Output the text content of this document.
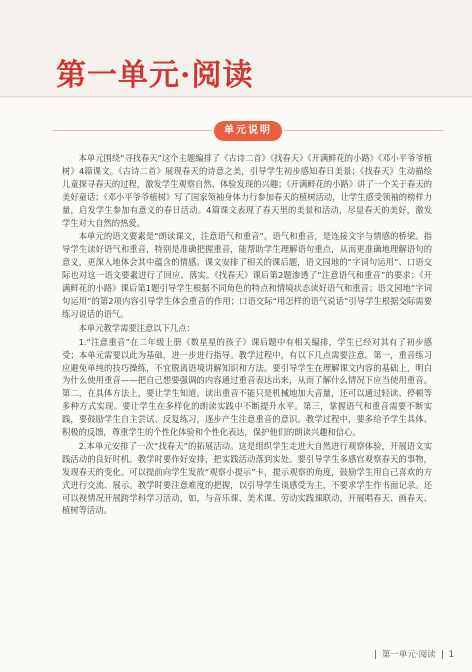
第一单元·阅读
单元说明

本单元围绕“寻找春天”这个主题编排了《古诗二首》《找春天》《开满鲜花的小路》《邓小平爷爷植树》4篇课文。《古诗二首》展现春天的诗意之美，引导学生初步感知春日美景；《找春天》生动描绘儿童探寻春天的过程，激发学生观察自然、体验发现的兴趣；《开满鲜花的小路》讲了一个关于春天的美好童话；《邓小平爷爷植树》写了国家领袖身体力行参加春天的植树活动，让学生感受领袖的榜样力量，启发学生参加有意义的春日活动。4篇课文表现了春天里的美景和活动，尽显春天的美好，激发学生对大自然的热爱。

本单元的语文要素是“朗读课文，注意语气和重音”。语气和重音，是连接文字与情感的桥梁。指导学生读好语气和重音，特别是准确把握重音，能帮助学生理解语句重点，从而更准确地理解语句的意义，更深入地体会其中蕴含的情感。课文安排了相关的课后题，语文园地的“字词句运用”、口语交际也对这一语文要素进行了回应、落实。《找春天》课后第2题渗透了“注意语气和重音”的要求；《开满鲜花的小路》课后第1题引导学生根据不同角色的特点和情境状态读好语气和重音；语文园地“字词句运用”的第2项内容引导学生体会重音的作用；口语交际“用怎样的语气说话”引导学生根据交际需要练习说话的语气。

本单元教学需要注意以下几点：

1.“注意重音”在二年级上册《数星星的孩子》课后题中有相关编排，学生已经对其有了初步感受；本单元需要以此为基础，进一步进行指导。教学过程中，有以下几点需要注意。第一，重音练习应避免单纯的技巧操练，不宜脱离语境讲解知识和方法。要引导学生在理解课文内容的基础上，明白为什么使用重音——把自己想要强调的内容通过重音表达出来，从而了解什么情况下应当使用重音。第二，在具体方法上，要让学生知道，读出重音不能只是机械地加大音量，还可以通过轻读、停顿等多种方式实现。要让学生在多样化的朗读实践中不断提升水平。第三，掌握语气和重音需要不断实践，要鼓励学生自主尝试、反复练习，逐步产生注意重音的意识。教学过程中，要多给予学生具体、积极的反馈，尊重学生的个性化体验和个性化表达，保护他们的朗读兴趣和信心。

2.本单元安排了一次“找春天”的拓展活动。这是组织学生走进大自然进行观察体验，开展语文实践活动的良好时机。教学时要作好安排，把实践活动落到实处。要引导学生多感官观察春天的事物，发现春天的变化。可以提前向学生发放“观察小提示”卡，提示观察的角度，鼓励学生用自己喜欢的方式进行交流、展示。教学时要注意难度的把握，以引导学生谈感受为主，不要求学生作书面记录。还可以视情况开展跨学科学习活动，如，与音乐课、美术课、劳动实践课联动，开展唱春天、画春天、植树等活动。

第一单元·阅读 1
